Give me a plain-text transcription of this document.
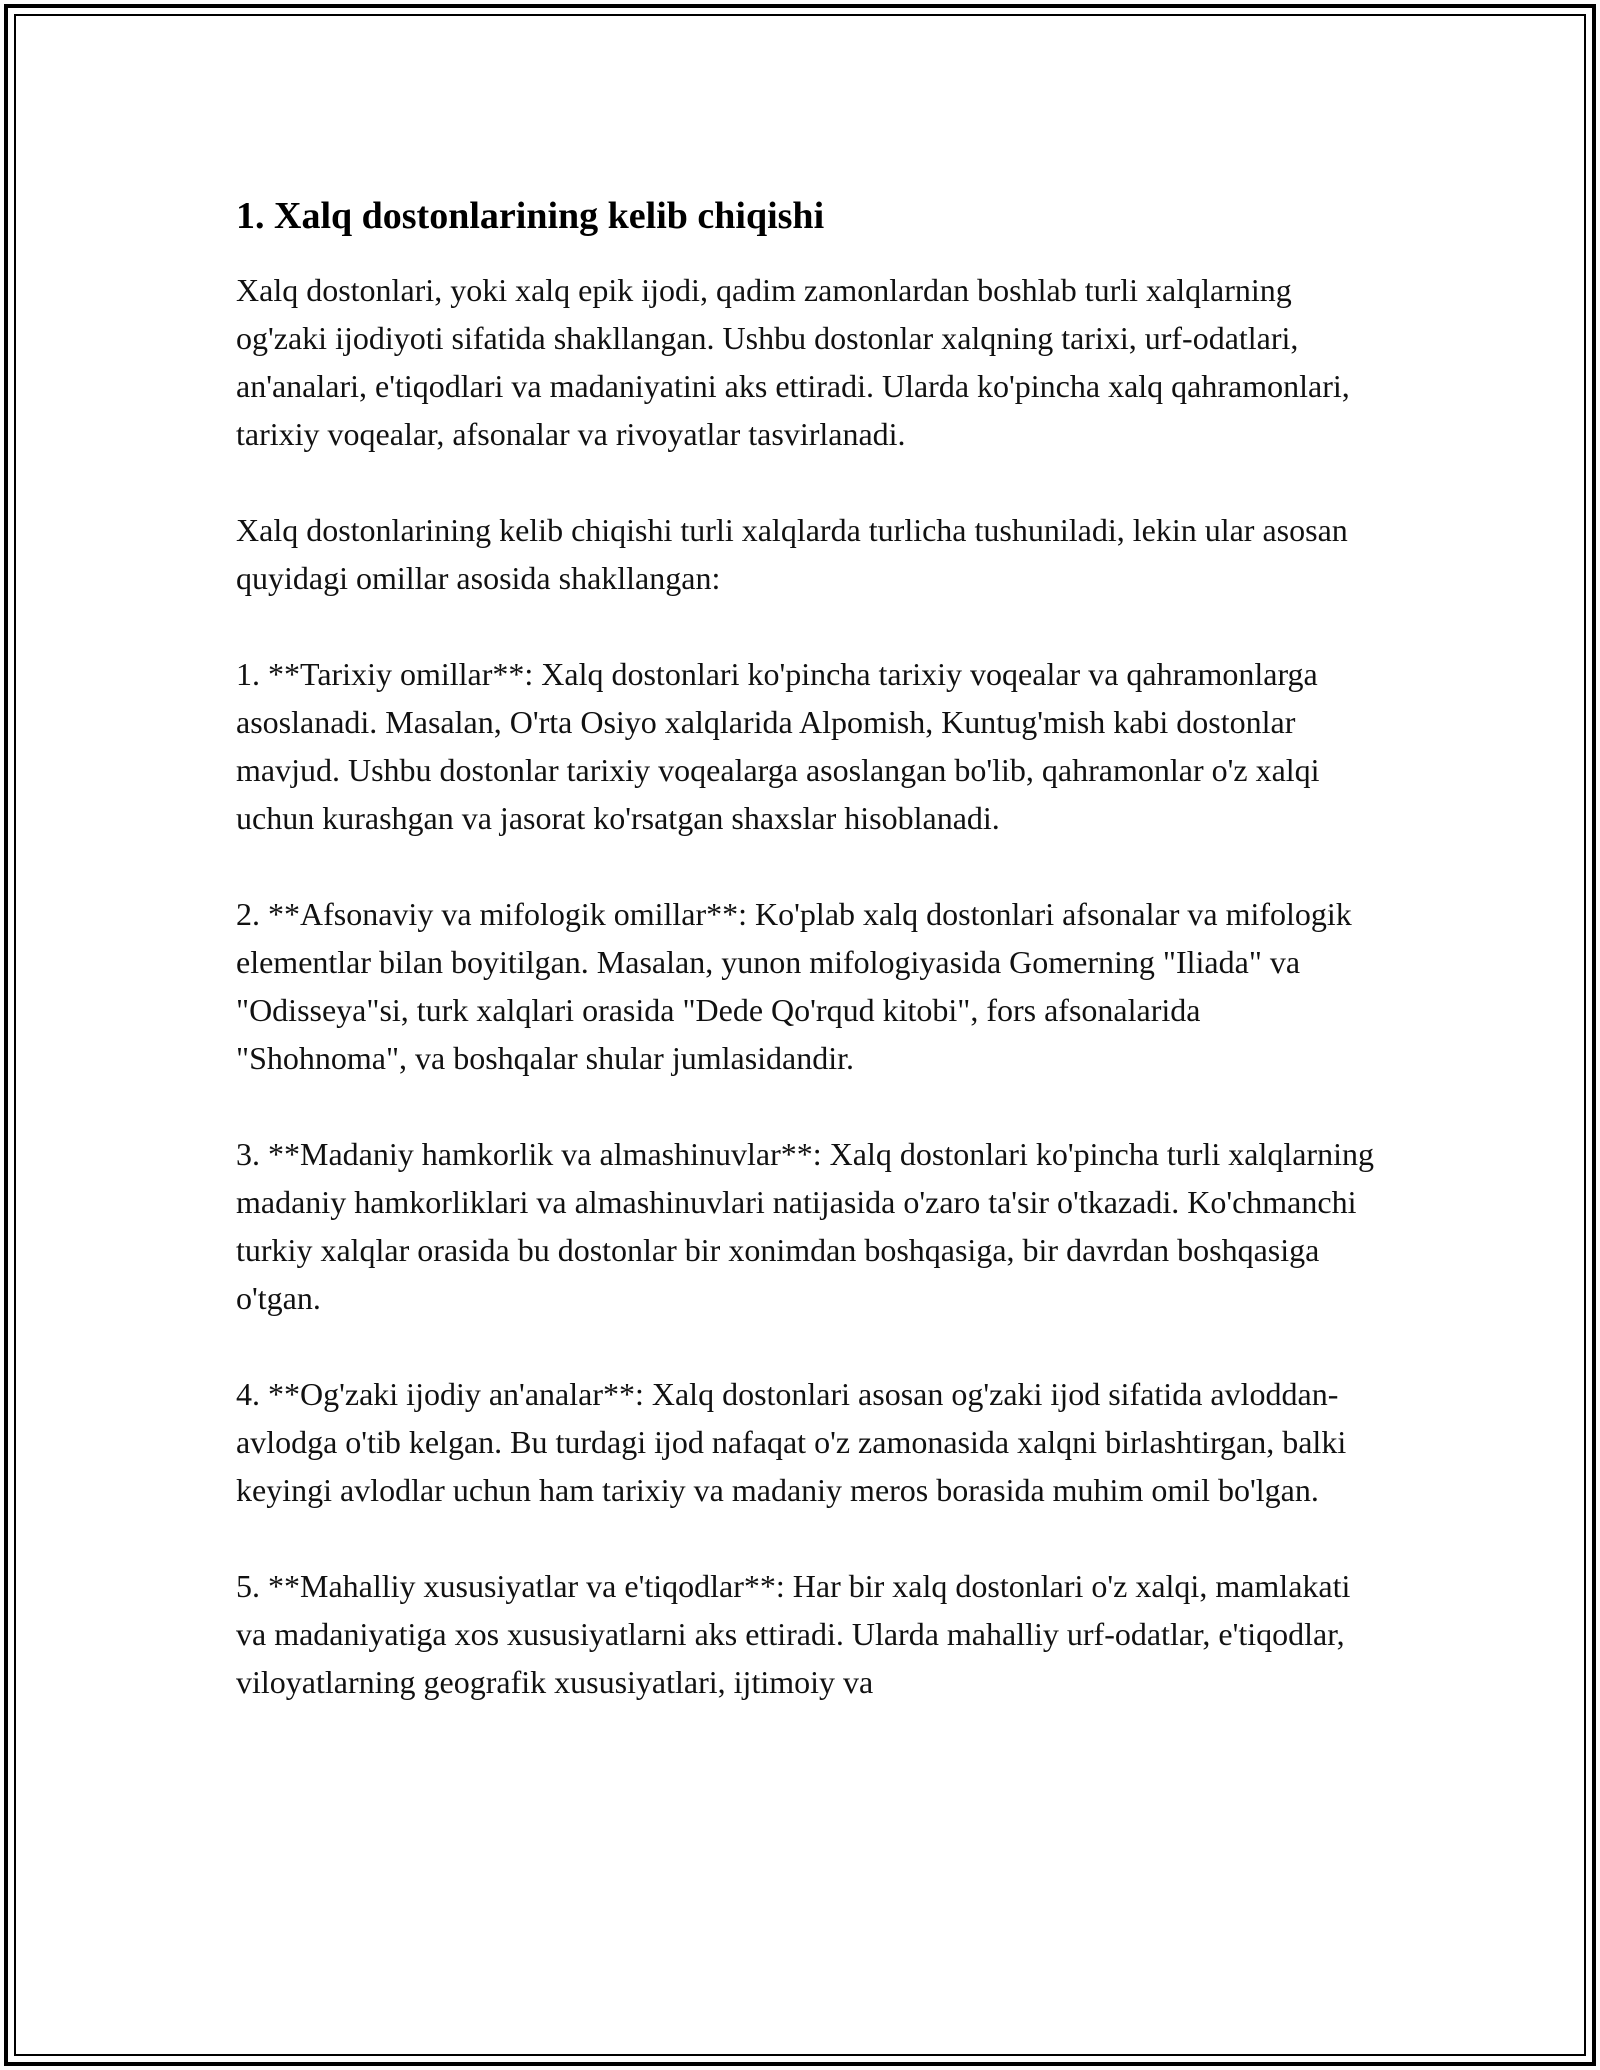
1. Xalq dostonlarining kelib chiqishi

Xalq dostonlari, yoki xalq epik ijodi, qadim zamonlardan boshlab turli xalqlarning og'zaki ijodiyoti sifatida shakllangan. Ushbu dostonlar xalqning tarixi, urf-odatlari, an'analari, e'tiqodlari va madaniyatini aks ettiradi. Ularda ko'pincha xalq qahramonlari, tarixiy voqealar, afsonalar va rivoyatlar tasvirlanadi.

Xalq dostonlarining kelib chiqishi turli xalqlarda turlicha tushuniladi, lekin ular asosan quyidagi omillar asosida shakllangan:

1. **Tarixiy omillar**: Xalq dostonlari ko'pincha tarixiy voqealar va qahramonlarga asoslanadi. Masalan, O'rta Osiyo xalqlarida Alpomish, Kuntug'mish kabi dostonlar mavjud. Ushbu dostonlar tarixiy voqealarga asoslangan bo'lib, qahramonlar o'z xalqi uchun kurashgan va jasorat ko'rsatgan shaxslar hisoblanadi.

2. **Afsonaviy va mifologik omillar**: Ko'plab xalq dostonlari afsonalar va mifologik elementlar bilan boyitilgan. Masalan, yunon mifologiyasida Gomerning "Iliada" va "Odisseya"si, turk xalqlari orasida "Dede Qo'rqud kitobi", fors afsonalarida "Shohnoma", va boshqalar shular jumlasidandir.

3. **Madaniy hamkorlik va almashinuvlar**: Xalq dostonlari ko'pincha turli xalqlarning madaniy hamkorliklari va almashinuvlari natijasida o'zaro ta'sir o'tkazadi. Ko'chmanchi turkiy xalqlar orasida bu dostonlar bir xonimdan boshqasiga, bir davrdan boshqasiga o'tgan.

4. **Og'zaki ijodiy an'analar**: Xalq dostonlari asosan og'zaki ijod sifatida avloddan-avlodga o'tib kelgan. Bu turdagi ijod nafaqat o'z zamonasida xalqni birlashtirgan, balki keyingi avlodlar uchun ham tarixiy va madaniy meros borasida muhim omil bo'lgan.

5. **Mahalliy xususiyatlar va e'tiqodlar**: Har bir xalq dostonlari o'z xalqi, mamlakati va madaniyatiga xos xususiyatlarni aks ettiradi. Ularda mahalliy urf-odatlar, e'tiqodlar, viloyatlarning geografik xususiyatlari, ijtimoiy va
